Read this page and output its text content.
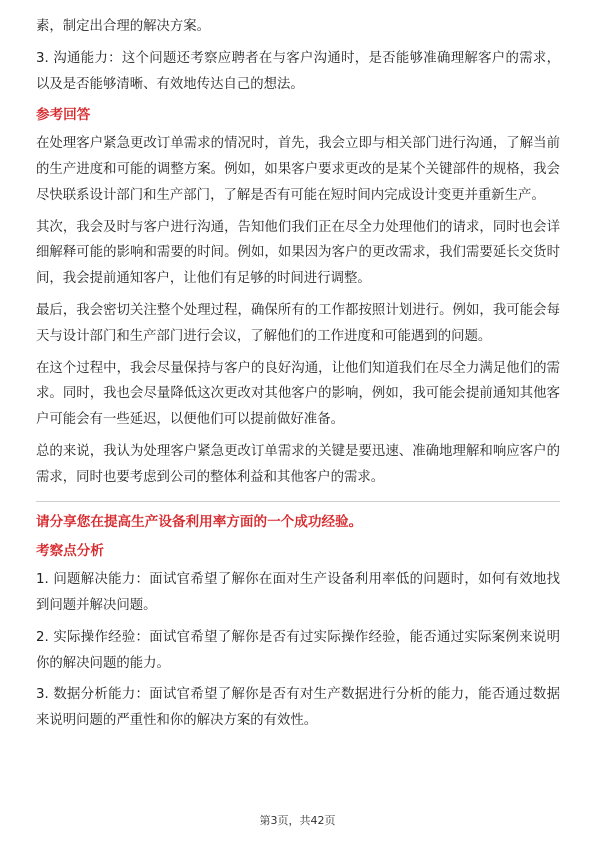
素，制定出合理的解决方案。

3. 沟通能力：这个问题还考察应聘者在与客户沟通时，是否能够准确理解客户的需求，以及是否能够清晰、有效地传达自己的想法。

参考回答

在处理客户紧急更改订单需求的情况时，首先，我会立即与相关部门进行沟通，了解当前的生产进度和可能的调整方案。例如，如果客户要求更改的是某个关键部件的规格，我会尽快联系设计部门和生产部门，了解是否有可能在短时间内完成设计变更并重新生产。

其次，我会及时与客户进行沟通，告知他们我们正在尽全力处理他们的请求，同时也会详细解释可能的影响和需要的时间。例如，如果因为客户的更改需求，我们需要延长交货时间，我会提前通知客户，让他们有足够的时间进行调整。

最后，我会密切关注整个处理过程，确保所有的工作都按照计划进行。例如，我可能会每天与设计部门和生产部门进行会议，了解他们的工作进度和可能遇到的问题。

在这个过程中，我会尽量保持与客户的良好沟通，让他们知道我们在尽全力满足他们的需求。同时，我也会尽量降低这次更改对其他客户的影响，例如，我可能会提前通知其他客户可能会有一些延迟，以便他们可以提前做好准备。

总的来说，我认为处理客户紧急更改订单需求的关键是要迅速、准确地理解和响应客户的需求，同时也要考虑到公司的整体利益和其他客户的需求。

请分享您在提高生产设备利用率方面的一个成功经验。
考察点分析

1. 问题解决能力：面试官希望了解你在面对生产设备利用率低的问题时，如何有效地找到问题并解决问题。

2. 实际操作经验：面试官希望了解你是否有过实际操作经验，能否通过实际案例来说明你的解决问题的能力。

3. 数据分析能力：面试官希望了解你是否有对生产数据进行分析的能力，能否通过数据来说明问题的严重性和你的解决方案的有效性。

第3页，共42页
